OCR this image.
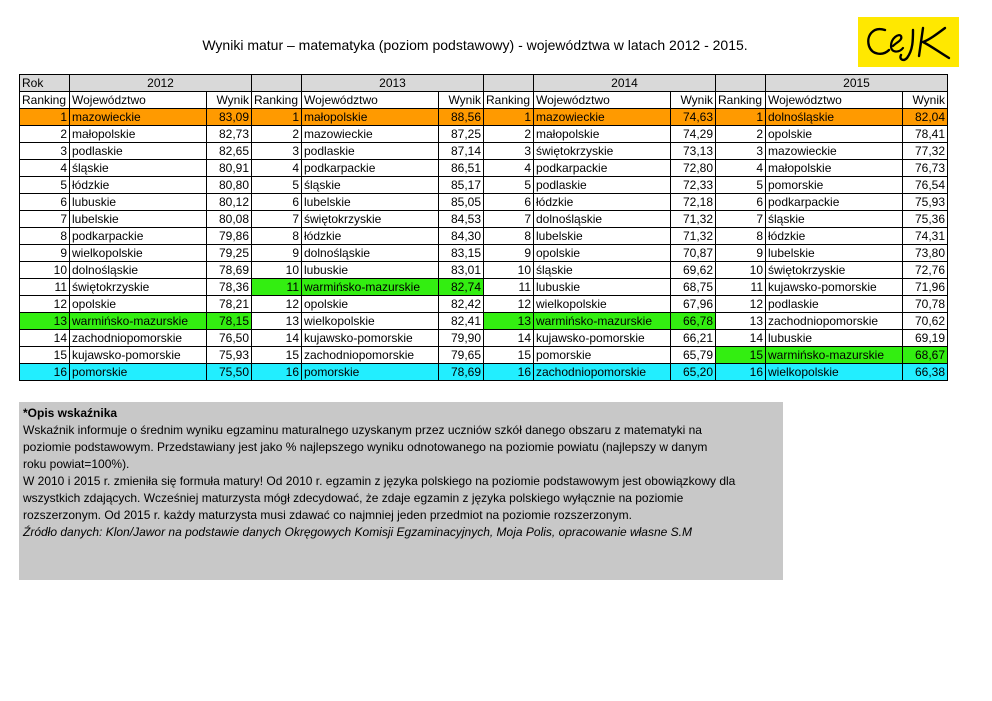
Wyniki matur – matematyka (poziom podstawowy) - województwa w latach 2012 - 2015.
Rok	2012			2013			2014			2015	
Ranking	Województwo	Wynik	Ranking	Województwo	Wynik	Ranking	Województwo	Wynik	Ranking	Województwo	Wynik
1	mazowieckie	83,09	1	małopolskie	88,56	1	mazowieckie	74,63	1	dolnośląskie	82,04
2	małopolskie	82,73	2	mazowieckie	87,25	2	małopolskie	74,29	2	opolskie	78,41
3	podlaskie	82,65	3	podlaskie	87,14	3	świętokrzyskie	73,13	3	mazowieckie	77,32
4	śląskie	80,91	4	podkarpackie	86,51	4	podkarpackie	72,80	4	małopolskie	76,73
5	łódzkie	80,80	5	śląskie	85,17	5	podlaskie	72,33	5	pomorskie	76,54
6	lubuskie	80,12	6	lubelskie	85,05	6	łódzkie	72,18	6	podkarpackie	75,93
7	lubelskie	80,08	7	świętokrzyskie	84,53	7	dolnośląskie	71,32	7	śląskie	75,36
8	podkarpackie	79,86	8	łódzkie	84,30	8	lubelskie	71,32	8	łódzkie	74,31
9	wielkopolskie	79,25	9	dolnośląskie	83,15	9	opolskie	70,87	9	lubelskie	73,80
10	dolnośląskie	78,69	10	lubuskie	83,01	10	śląskie	69,62	10	świętokrzyskie	72,76
11	świętokrzyskie	78,36	11	warmińsko-mazurskie	82,74	11	lubuskie	68,75	11	kujawsko-pomorskie	71,96
12	opolskie	78,21	12	opolskie	82,42	12	wielkopolskie	67,96	12	podlaskie	70,78
13	warmińsko-mazurskie	78,15	13	wielkopolskie	82,41	13	warmińsko-mazurskie	66,78	13	zachodniopomorskie	70,62
14	zachodniopomorskie	76,50	14	kujawsko-pomorskie	79,90	14	kujawsko-pomorskie	66,21	14	lubuskie	69,19
15	kujawsko-pomorskie	75,93	15	zachodniopomorskie	79,65	15	pomorskie	65,79	15	warmińsko-mazurskie	68,67
16	pomorskie	75,50	16	pomorskie	78,69	16	zachodniopomorskie	65,20	16	wielkopolskie	66,38
*Opis wskaźnika
Wskaźnik informuje o średnim wyniku egzaminu maturalnego uzyskanym przez uczniów szkół danego obszaru z matematyki na
poziomie podstawowym. Przedstawiany jest jako % najlepszego wyniku odnotowanego na poziomie powiatu (najlepszy w danym
roku powiat=100%).
W 2010 i 2015 r. zmieniła się formuła matury! Od 2010 r. egzamin z języka polskiego na poziomie podstawowym jest obowiązkowy dla
wszystkich zdających. Wcześniej maturzysta mógł zdecydować, że zdaje egzamin z języka polskiego wyłącznie na poziomie
rozszerzonym. Od 2015 r. każdy maturzysta musi zdawać co najmniej jeden przedmiot na poziomie rozszerzonym.
Źródło danych: Klon/Jawor na podstawie danych Okręgowych Komisji Egzaminacyjnych, Moja Polis, opracowanie własne S.M
